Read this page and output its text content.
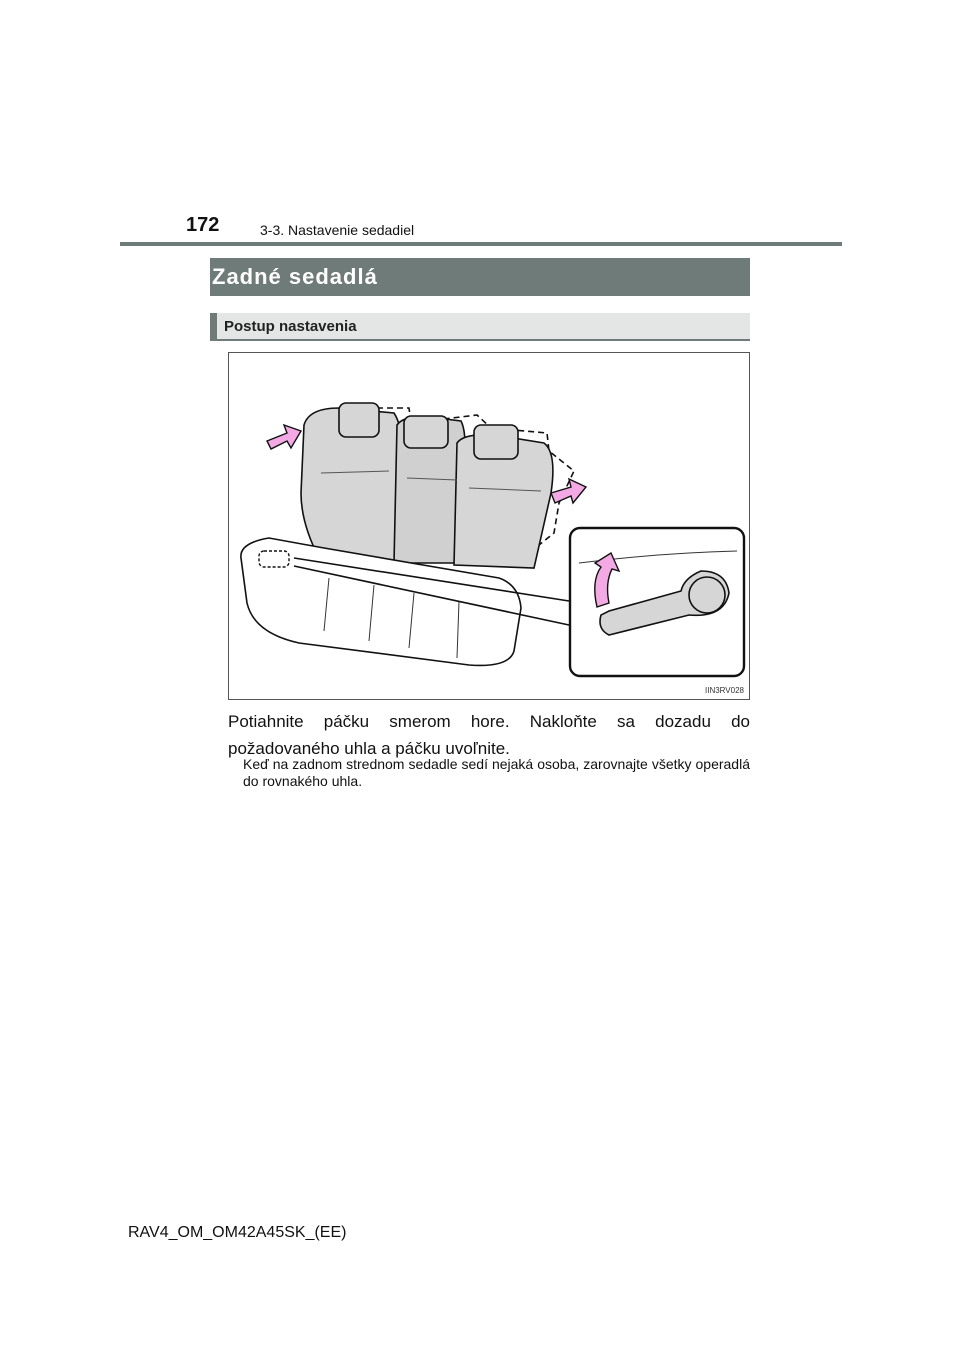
172	3-3. Nastavenie sedadiel
Zadné sedadlá
Postup nastavenia
IIN3RV028
Potiahnite páčku smerom hore. Nakloňte sa dozadu do požadovaného uhla a páčku uvoľnite.
Keď na zadnom strednom sedadle sedí nejaká osoba, zarovnajte všetky operadlá do rovnakého uhla.
RAV4_OM_OM42A45SK_(EE)
